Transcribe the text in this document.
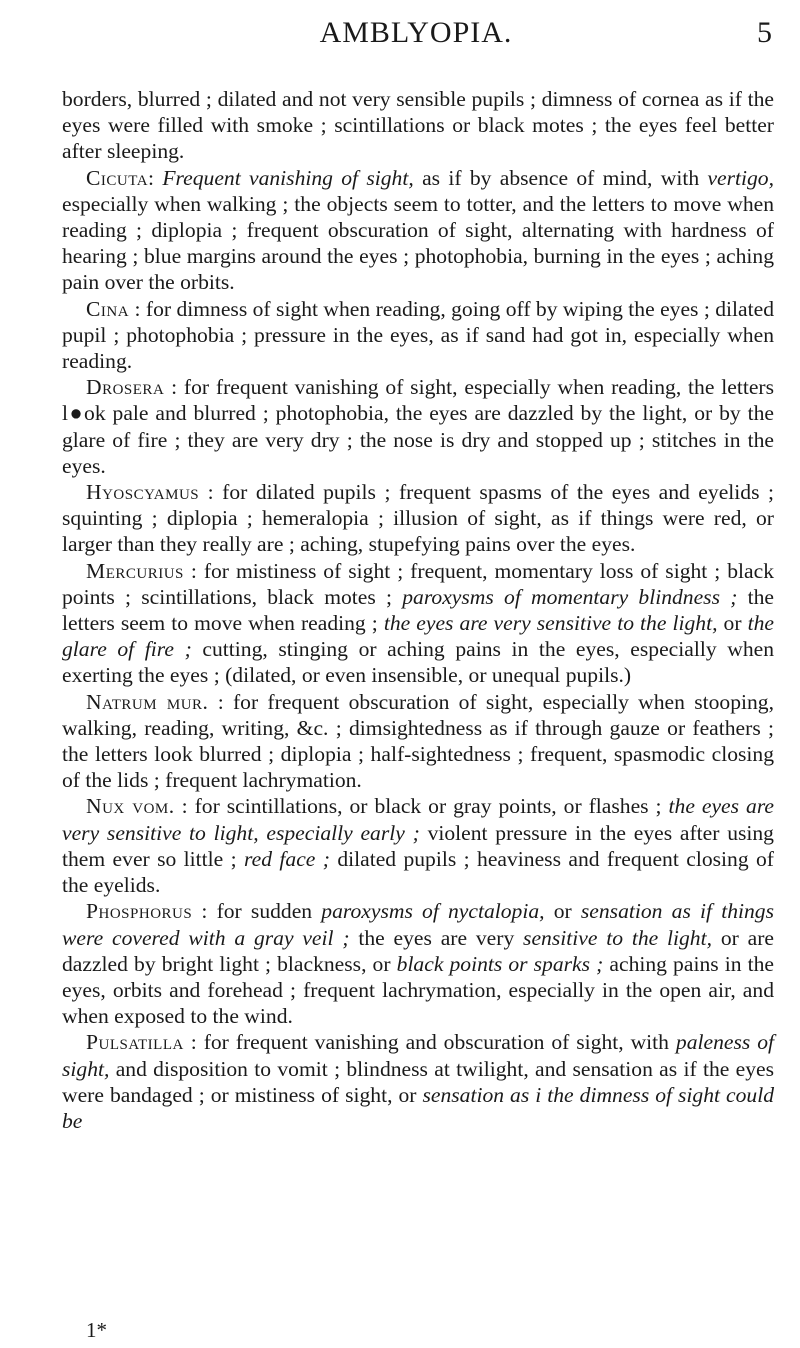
AMBLYOPIA.	5

borders, blurred ; dilated and not very sensible pupils ; dimness of cornea as if the eyes were filled with smoke ; scintillations or black motes ; the eyes feel better after sleeping.

Cicuta: Frequent vanishing of sight, as if by absence of mind, with vertigo, especially when walking ; the objects seem to totter, and the letters to move when reading ; diplopia ; frequent obscuration of sight, alternating with hardness of hearing ; blue margins around the eyes ; photophobia, burning in the eyes ; aching pain over the orbits.

Cina : for dimness of sight when reading, going off by wiping the eyes ; dilated pupil ; photophobia ; pressure in the eyes, as if sand had got in, especially when reading.

Drosera : for frequent vanishing of sight, especially when reading, the letters l●ok pale and blurred ; photophobia, the eyes are dazzled by the light, or by the glare of fire ; they are very dry ; the nose is dry and stopped up ; stitches in the eyes.

Hyoscyamus : for dilated pupils ; frequent spasms of the eyes and eyelids ; squinting ; diplopia ; hemeralopia ; illusion of sight, as if things were red, or larger than they really are ; aching, stupefying pains over the eyes.

Mercurius : for mistiness of sight ; frequent, momentary loss of sight ; black points ; scintillations, black motes ; paroxysms of momentary blindness ; the letters seem to move when reading ; the eyes are very sensitive to the light, or the glare of fire ; cutting, stinging or aching pains in the eyes, especially when exerting the eyes ; (dilated, or even insensible, or unequal pupils.)

Natrum mur. : for frequent obscuration of sight, especially when stooping, walking, reading, writing, &c. ; dimsightedness as if through gauze or feathers ; the letters look blurred ; diplopia ; half-sightedness ; frequent, spasmodic closing of the lids ; frequent lachrymation.

Nux vom. : for scintillations, or black or gray points, or flashes ; the eyes are very sensitive to light, especially early ; violent pressure in the eyes after using them ever so little ; red face ; dilated pupils ; heaviness and frequent closing of the eyelids.

Phosphorus : for sudden paroxysms of nyctalopia, or sensation as if things were covered with a gray veil ; the eyes are very sensitive to the light, or are dazzled by bright light ; blackness, or black points or sparks ; aching pains in the eyes, orbits and forehead ; frequent lachrymation, especially in the open air, and when exposed to the wind.

Pulsatilla : for frequent vanishing and obscuration of sight, with paleness of sight, and disposition to vomit ; blindness at twilight, and sensation as if the eyes were bandaged ; or mistiness of sight, or sensation as i the dimness of sight could be

1*
